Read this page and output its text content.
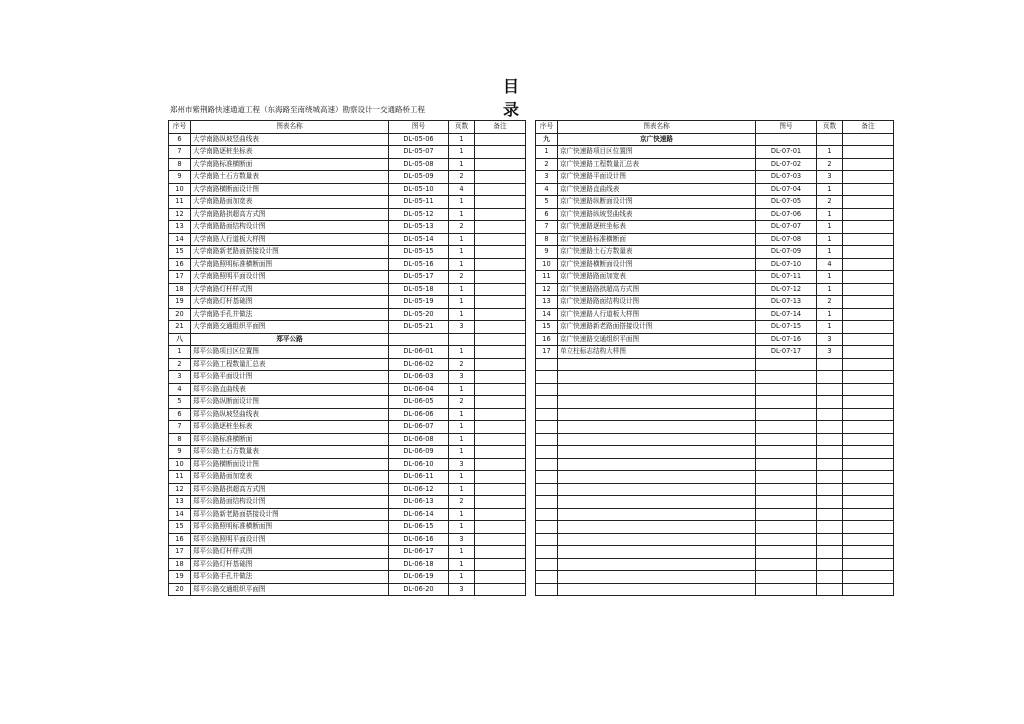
目　录
郑州市紫荆路快速通道工程（东海路至南绕城高速）勘察设计一交通路桥工程
序号	图表名称	图号	页数	备注
6	大学南路纵坡竖曲线表	DL-05-06	1	
7	大学南路逐桩坐标表	DL-05-07	1	
8	大学南路标准横断面	DL-05-08	1	
9	大学南路土石方数量表	DL-05-09	2	
10	大学南路横断面设计图	DL-05-10	4	
11	大学南路路面加宽表	DL-05-11	1	
12	大学南路路拱超高方式图	DL-05-12	1	
13	大学南路路面结构设计图	DL-05-13	2	
14	大学南路人行道板大样图	DL-05-14	1	
15	大学南路新老路面搭接设计图	DL-05-15	1	
16	大学南路照明标准横断面图	DL-05-16	1	
17	大学南路照明平面设计图	DL-05-17	2	
18	大学南路灯杆样式图	DL-05-18	1	
19	大学南路灯杆基础图	DL-05-19	1	
20	大学南路手孔井做法	DL-05-20	1	
21	大学南路交通组织平面图	DL-05-21	3	
八	郑平公路			
1	郑平公路项目区位置图	DL-06-01	1	
2	郑平公路工程数量汇总表	DL-06-02	2	
3	郑平公路平面设计图	DL-06-03	3	
4	郑平公路直曲线表	DL-06-04	1	
5	郑平公路纵断面设计图	DL-06-05	2	
6	郑平公路纵坡竖曲线表	DL-06-06	1	
7	郑平公路逐桩坐标表	DL-06-07	1	
8	郑平公路标准横断面	DL-06-08	1	
9	郑平公路土石方数量表	DL-06-09	1	
10	郑平公路横断面设计图	DL-06-10	3	
11	郑平公路路面加宽表	DL-06-11	1	
12	郑平公路路拱超高方式图	DL-06-12	1	
13	郑平公路路面结构设计图	DL-06-13	2	
14	郑平公路新老路面搭接设计图	DL-06-14	1	
15	郑平公路照明标准横断面图	DL-06-15	1	
16	郑平公路照明平面设计图	DL-06-16	3	
17	郑平公路灯杆样式图	DL-06-17	1	
18	郑平公路灯杆基础图	DL-06-18	1	
19	郑平公路手孔井做法	DL-06-19	1	
20	郑平公路交通组织平面图	DL-06-20	3	
序号	图表名称	图号	页数	备注
九	京广快速路			
1	京广快速路项目区位置图	DL-07-01	1	
2	京广快速路工程数量汇总表	DL-07-02	2	
3	京广快速路平面设计图	DL-07-03	3	
4	京广快速路直曲线表	DL-07-04	1	
5	京广快速路纵断面设计图	DL-07-05	2	
6	京广快速路纵坡竖曲线表	DL-07-06	1	
7	京广快速路逐桩坐标表	DL-07-07	1	
8	京广快速路标准横断面	DL-07-08	1	
9	京广快速路土石方数量表	DL-07-09	1	
10	京广快速路横断面设计图	DL-07-10	4	
11	京广快速路路面加宽表	DL-07-11	1	
12	京广快速路路拱超高方式图	DL-07-12	1	
13	京广快速路路面结构设计图	DL-07-13	2	
14	京广快速路人行道板大样图	DL-07-14	1	
15	京广快速路新老路面搭接设计图	DL-07-15	1	
16	京广快速路交通组织平面图	DL-07-16	3	
17	单立柱标志结构大样图	DL-07-17	3	
